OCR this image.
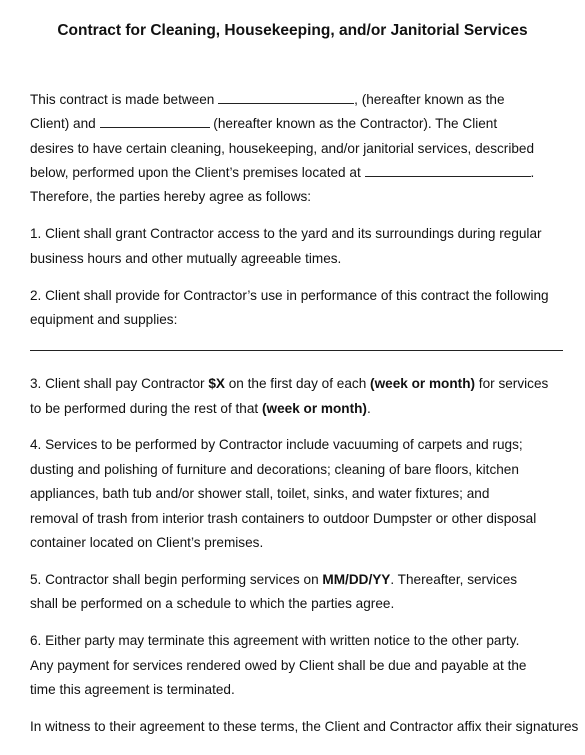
Contract for Cleaning, Housekeeping, and/or Janitorial Services
This contract is made between	, (hereafter known as the
Client) and	(hereafter known as the Contractor). The Client
desires to have certain cleaning, housekeeping, and/or janitorial services, described
below, performed upon the Client’s premises located at	.
Therefore, the parties hereby agree as follows:
1. Client shall grant Contractor access to the yard and its surroundings during regular
business hours and other mutually agreeable times.
2. Client shall provide for Contractor’s use in performance of this contract the following
equipment and supplies:
3. Client shall pay Contractor $X on the first day of each (week or month) for services
to be performed during the rest of that (week or month).
4. Services to be performed by Contractor include vacuuming of carpets and rugs;
dusting and polishing of furniture and decorations; cleaning of bare floors, kitchen
appliances, bath tub and/or shower stall, toilet, sinks, and water fixtures; and
removal of trash from interior trash containers to outdoor Dumpster or other disposal
container located on Client’s premises.
5. Contractor shall begin performing services on MM/DD/YY. Thereafter, services
shall be performed on a schedule to which the parties agree.
6. Either party may terminate this agreement with written notice to the other party.
Any payment for services rendered owed by Client shall be due and payable at the
time this agreement is terminated.
In witness to their agreement to these terms, the Client and Contractor affix their signatures
